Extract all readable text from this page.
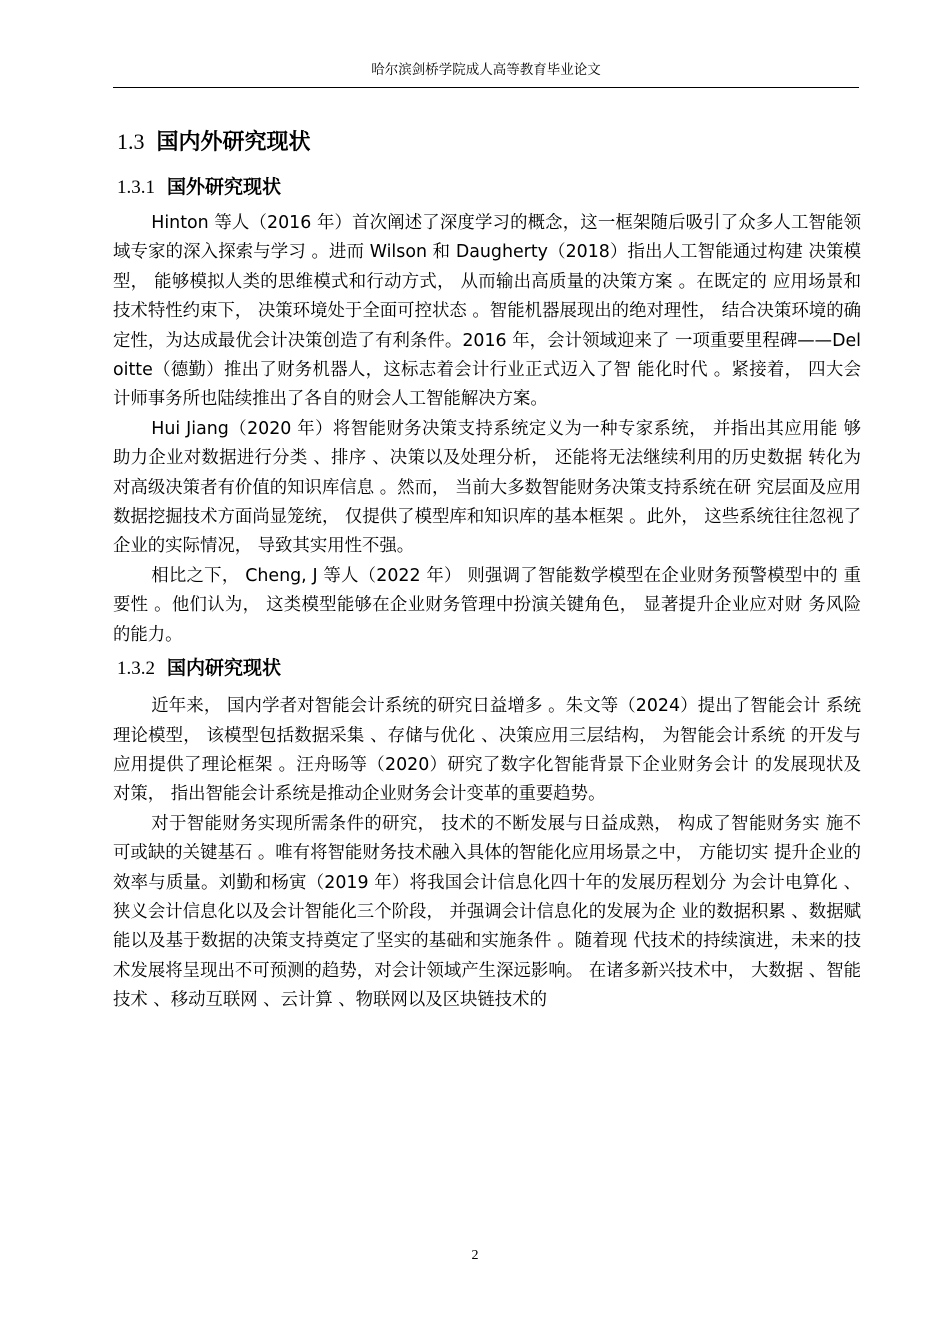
哈尔滨剑桥学院成人高等教育毕业论文
1.3 国内外研究现状
1.3.1 国外研究现状

Hinton 等人（2016 年）首次阐述了深度学习的概念，这一框架随后吸引了众多人工智能领域专家的深入探索与学习 。进而 Wilson 和 Daugherty（2018）指出人工智能通过构建 决策模型， 能够模拟人类的思维模式和行动方式， 从而输出高质量的决策方案 。在既定的 应用场景和技术特性约束下， 决策环境处于全面可控状态 。智能机器展现出的绝对理性， 结合决策环境的确定性，为达成最优会计决策创造了有利条件。2016 年，会计领域迎来了 一项重要里程碑——Deloitte（德勤）推出了财务机器人，这标志着会计行业正式迈入了智 能化时代 。紧接着， 四大会计师事务所也陆续推出了各自的财会人工智能解决方案。

Hui Jiang（2020 年）将智能财务决策支持系统定义为一种专家系统， 并指出其应用能 够助力企业对数据进行分类 、排序 、决策以及处理分析， 还能将无法继续利用的历史数据 转化为对高级决策者有价值的知识库信息 。然而， 当前大多数智能财务决策支持系统在研 究层面及应用数据挖掘技术方面尚显笼统， 仅提供了模型库和知识库的基本框架 。此外， 这些系统往往忽视了企业的实际情况， 导致其实用性不强。

相比之下， Cheng, J 等人（2022 年） 则强调了智能数学模型在企业财务预警模型中的 重要性 。他们认为， 这类模型能够在企业财务管理中扮演关键角色， 显著提升企业应对财 务风险的能力。

1.3.2 国内研究现状

近年来， 国内学者对智能会计系统的研究日益增多 。朱文等（2024）提出了智能会计 系统理论模型， 该模型包括数据采集 、存储与优化 、决策应用三层结构， 为智能会计系统 的开发与应用提供了理论框架 。汪舟旸等（2020）研究了数字化智能背景下企业财务会计 的发展现状及对策， 指出智能会计系统是推动企业财务会计变革的重要趋势。

对于智能财务实现所需条件的研究， 技术的不断发展与日益成熟， 构成了智能财务实 施不可或缺的关键基石 。唯有将智能财务技术融入具体的智能化应用场景之中， 方能切实 提升企业的效率与质量。刘勤和杨寅（2019 年）将我国会计信息化四十年的发展历程划分 为会计电算化 、狭义会计信息化以及会计智能化三个阶段， 并强调会计信息化的发展为企 业的数据积累 、数据赋能以及基于数据的决策支持奠定了坚实的基础和实施条件 。随着现 代技术的持续演进，未来的技术发展将呈现出不可预测的趋势，对会计领域产生深远影响。 在诸多新兴技术中， 大数据 、智能技术 、移动互联网 、云计算 、物联网以及区块链技术的

2
